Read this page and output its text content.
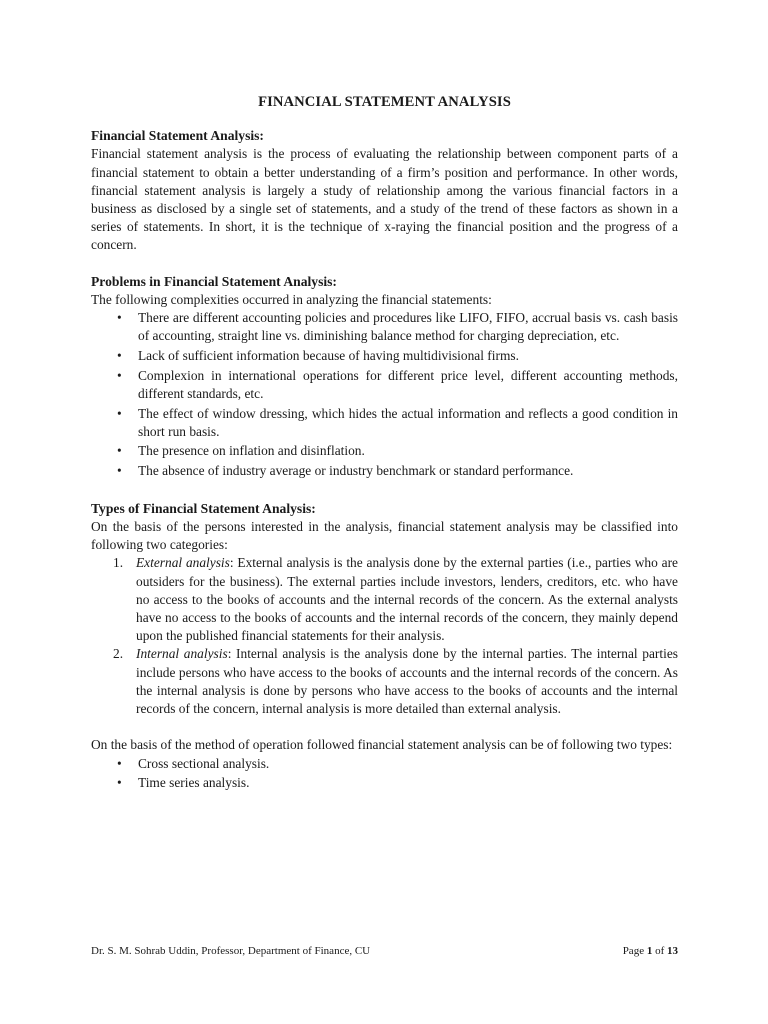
FINANCIAL STATEMENT ANALYSIS
Financial Statement Analysis:

Financial statement analysis is the process of evaluating the relationship between component parts of a financial statement to obtain a better understanding of a firm’s position and performance. In other words, financial statement analysis is largely a study of relationship among the various financial factors in a business as disclosed by a single set of statements, and a study of the trend of these factors as shown in a series of statements. In short, it is the technique of x-raying the financial position and the progress of a concern.

Problems in Financial Statement Analysis:

The following complexities occurred in analyzing the financial statements:

• There are different accounting policies and procedures like LIFO, FIFO, accrual basis vs. cash basis of accounting, straight line vs. diminishing balance method for charging depreciation, etc.
• Lack of sufficient information because of having multidivisional firms.
• Complexion in international operations for different price level, different accounting methods, different standards, etc.
• The effect of window dressing, which hides the actual information and reflects a good condition in short run basis.
• The presence on inflation and disinflation.
• The absence of industry average or industry benchmark or standard performance.
Types of Financial Statement Analysis:

On the basis of the persons interested in the analysis, financial statement analysis may be classified into following two categories:

1. External analysis: External analysis is the analysis done by the external parties (i.e., parties who are outsiders for the business). The external parties include investors, lenders, creditors, etc. who have no access to the books of accounts and the internal records of the concern. As the external analysts have no access to the books of accounts and the internal records of the concern, they mainly depend upon the published financial statements for their analysis.
2. Internal analysis: Internal analysis is the analysis done by the internal parties. The internal parties include persons who have access to the books of accounts and the internal records of the concern. As the internal analysis is done by persons who have access to the books of accounts and the internal records of the concern, internal analysis is more detailed than external analysis.

On the basis of the method of operation followed financial statement analysis can be of following two types:

• Cross sectional analysis.
• Time series analysis.
Dr. S. M. Sohrab Uddin, Professor, Department of Finance, CU	Page 1 of 13
